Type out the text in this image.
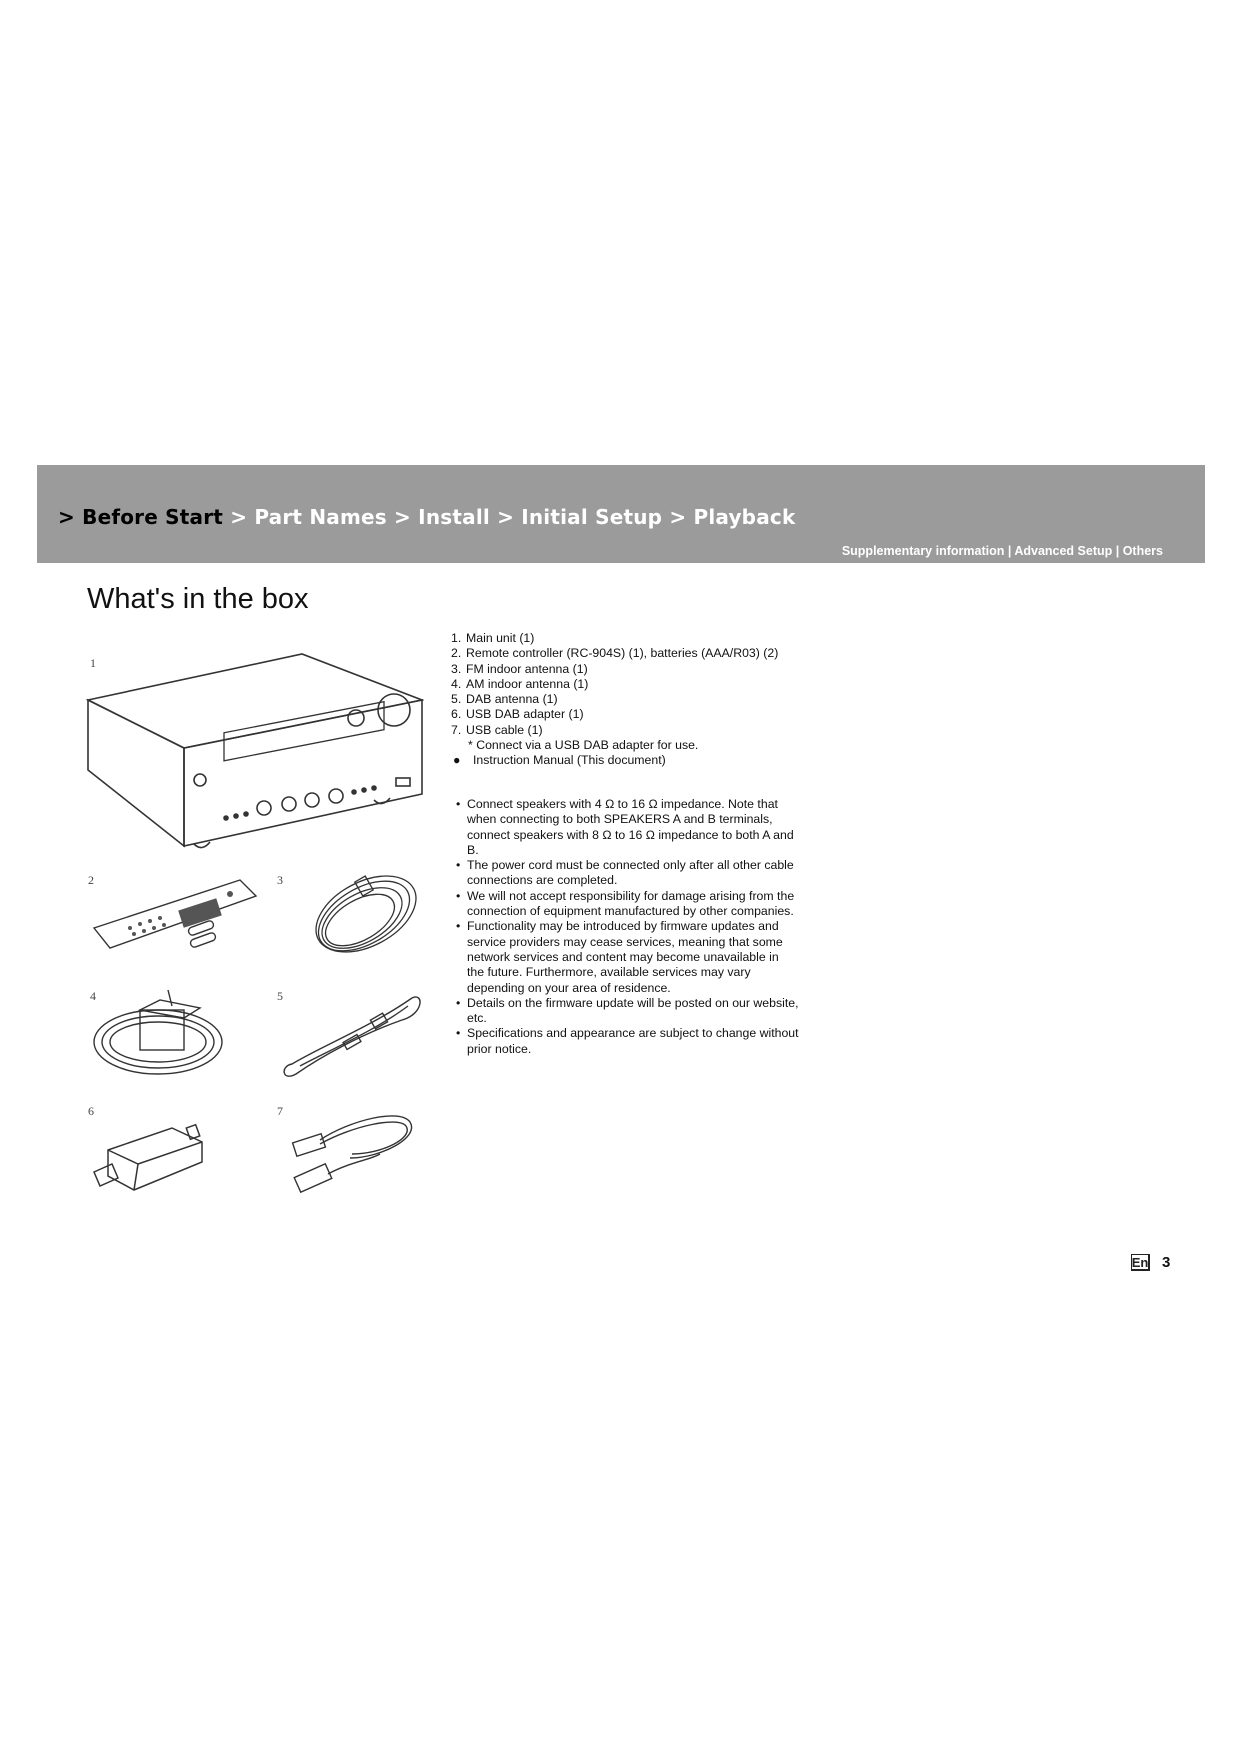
> Before Start > Part Names > Install > Initial Setup > Playback
Supplementary information | Advanced Setup | Others
What's in the box
1
2	3
4	5
6	7
1. Main unit (1)
2. Remote controller (RC-904S) (1), batteries (AAA/R03) (2)
3. FM indoor antenna (1)
4. AM indoor antenna (1)
5. DAB antenna (1)
6. USB DAB adapter (1)
7. USB cable (1)
* Connect via a USB DAB adapter for use.
● Instruction Manual (This document)
• Connect speakers with 4 Ω to 16 Ω impedance. Note that when connecting to both SPEAKERS A and B terminals, connect speakers with 8 Ω to 16 Ω impedance to both A and B.
• The power cord must be connected only after all other cable connections are completed.
• We will not accept responsibility for damage arising from the connection of equipment manufactured by other companies.
• Functionality may be introduced by firmware updates and service providers may cease services, meaning that some network services and content may become unavailable in the future. Furthermore, available services may vary depending on your area of residence.
• Details on the firmware update will be posted on our website, etc.
• Specifications and appearance are subject to change without prior notice.
En 3
